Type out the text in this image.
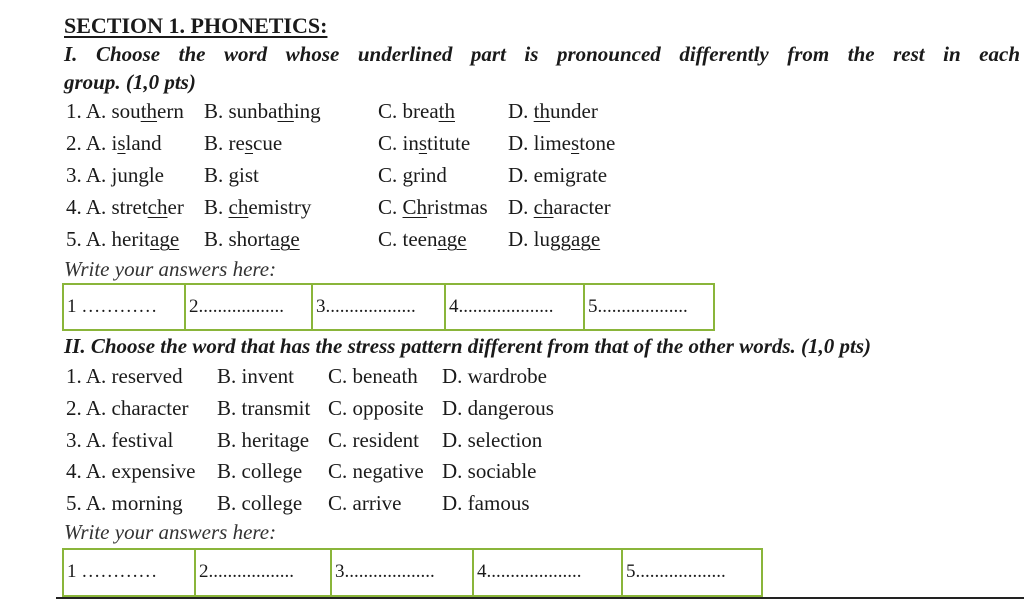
SECTION 1. PHONETICS:
I. Choose the word whose underlined part is pronounced differently from the rest in each
group. (1,0 pts)
1. A. southern B. sunbathing	C. breath	D. thunder
2. A. island B. rescue	C. institute D. limestone
3. A. jungle B. gist	C. grind	D. emigrate
4. A. stretcher B. chemistry	C. Christmas D. character
5. A. heritage B. shortage	C. teenage D. luggage
Write your answers here:
1 …………	2..................	3...................	4....................	5...................
II. Choose the word that has the stress pattern different from that of the other words. (1,0 pts)
1. A. reserved B. invent C. beneath D. wardrobe
2. A. character B. transmit C. opposite D. dangerous
3. A. festival B. heritage C. resident D. selection
4. A. expensive B. college C. negative D. sociable
5. A. morning B. college C. arrive D. famous
Write your answers here:
1 …………	2..................	3...................	4....................	5...................
